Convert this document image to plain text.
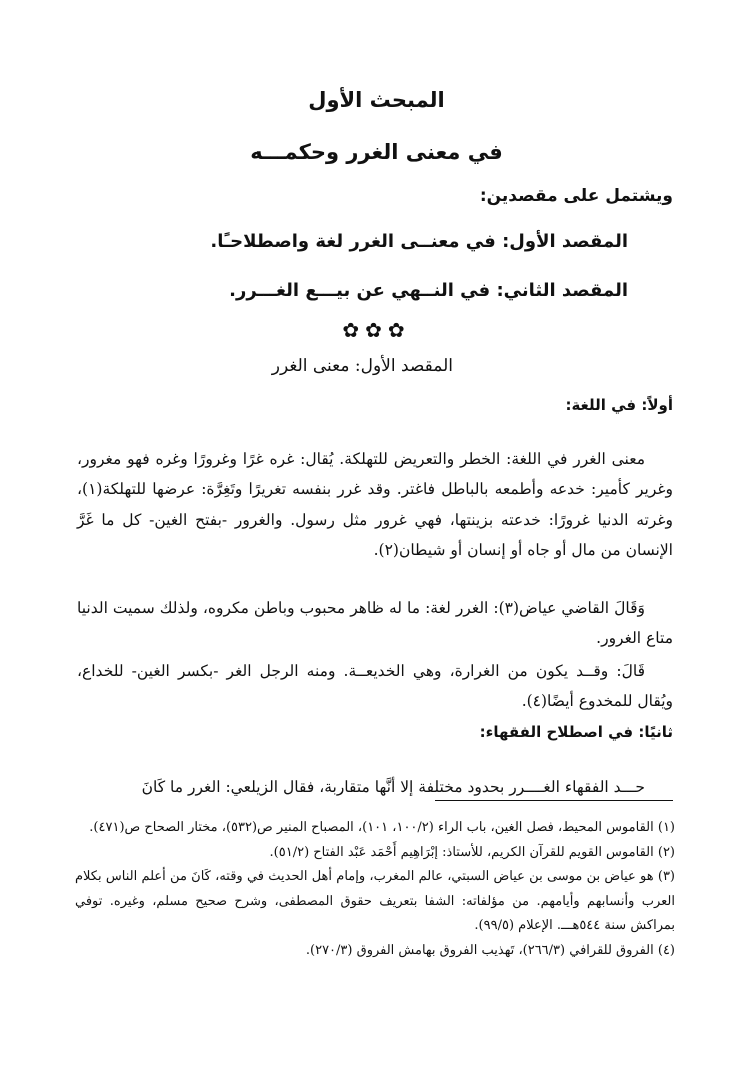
المبحث الأول
في معنى الغرر وحكمـــه
ويشتمل على مقصدين:
المقصد الأول: في معنــى الغرر لغة واصطلاحـًا.
المقصد الثاني: في النــهي عن بيـــع الغـــرر.
✿✿✿
المقصد الأول: معنى الغرر
أولاً: في اللغة:

معنى الغرر في اللغة: الخطر والتعريض للتهلكة. يُقال: غره غرًا وغرورًا وغره فهو مغرور، وغرير كأمير: خدعه وأطمعه بالباطل فاغتر. وقد غرر بنفسه تغريرًا وتَغِرَّة: عرضها للتهلكة(١)، وغرته الدنيا غرورًا: خدعته بزينتها، فهي غرور مثل رسول. والغرور -بفتح الغين- كل ما غَرَّ الإنسان من مال أو جاه أو إنسان أو شيطان(٢).

وَقَالَ القاضي عياض(٣): الغرر لغة: ما له ظاهر محبوب وباطن مكروه، ولذلك سميت الدنيا متاع الغرور.

قَالَ: وقــد يكون من الغرارة، وهي الخديعــة. ومنه الرجل الغر -بكسر الغين- للخداع، ويُقال للمخدوع أيضًا(٤).

ثانيًا: في اصطلاح الفقهاء:

حـــد الفقهاء الغــــرر بحدود مختلفة إلا أنَّها متقاربة، فقال الزيلعي: الغرر ما كَانَ

(١) القاموس المحيط، فصل الغين، باب الراء (١٠٠/٢، ١٠١)، المصباح المنير ص(٥٣٢)، مختار الصحاح ص(٤٧١).
(٢) القاموس القويم للقرآن الكريم، للأستاذ: إبْرَاهِيم أَحْمَد عَبْد الفتاح (٥١/٢).
(٣) هو عياض بن موسى بن عياض السبتي، عالم المغرب، وإمام أهل الحديث في وقته، كَانَ من أعلم الناس بكلام العرب وأنسابهم وأيامهم. من مؤلفاته: الشفا بتعريف حقوق المصطفى، وشرح صحيح مسلم، وغيره. توفي بمراكش سنة ٥٤٤هـــ. الإعلام (٩٩/٥).
(٤) الفروق للقرافي (٢٦٦/٣)، تَهذيب الفروق بهامش الفروق (٢٧٠/٣).
